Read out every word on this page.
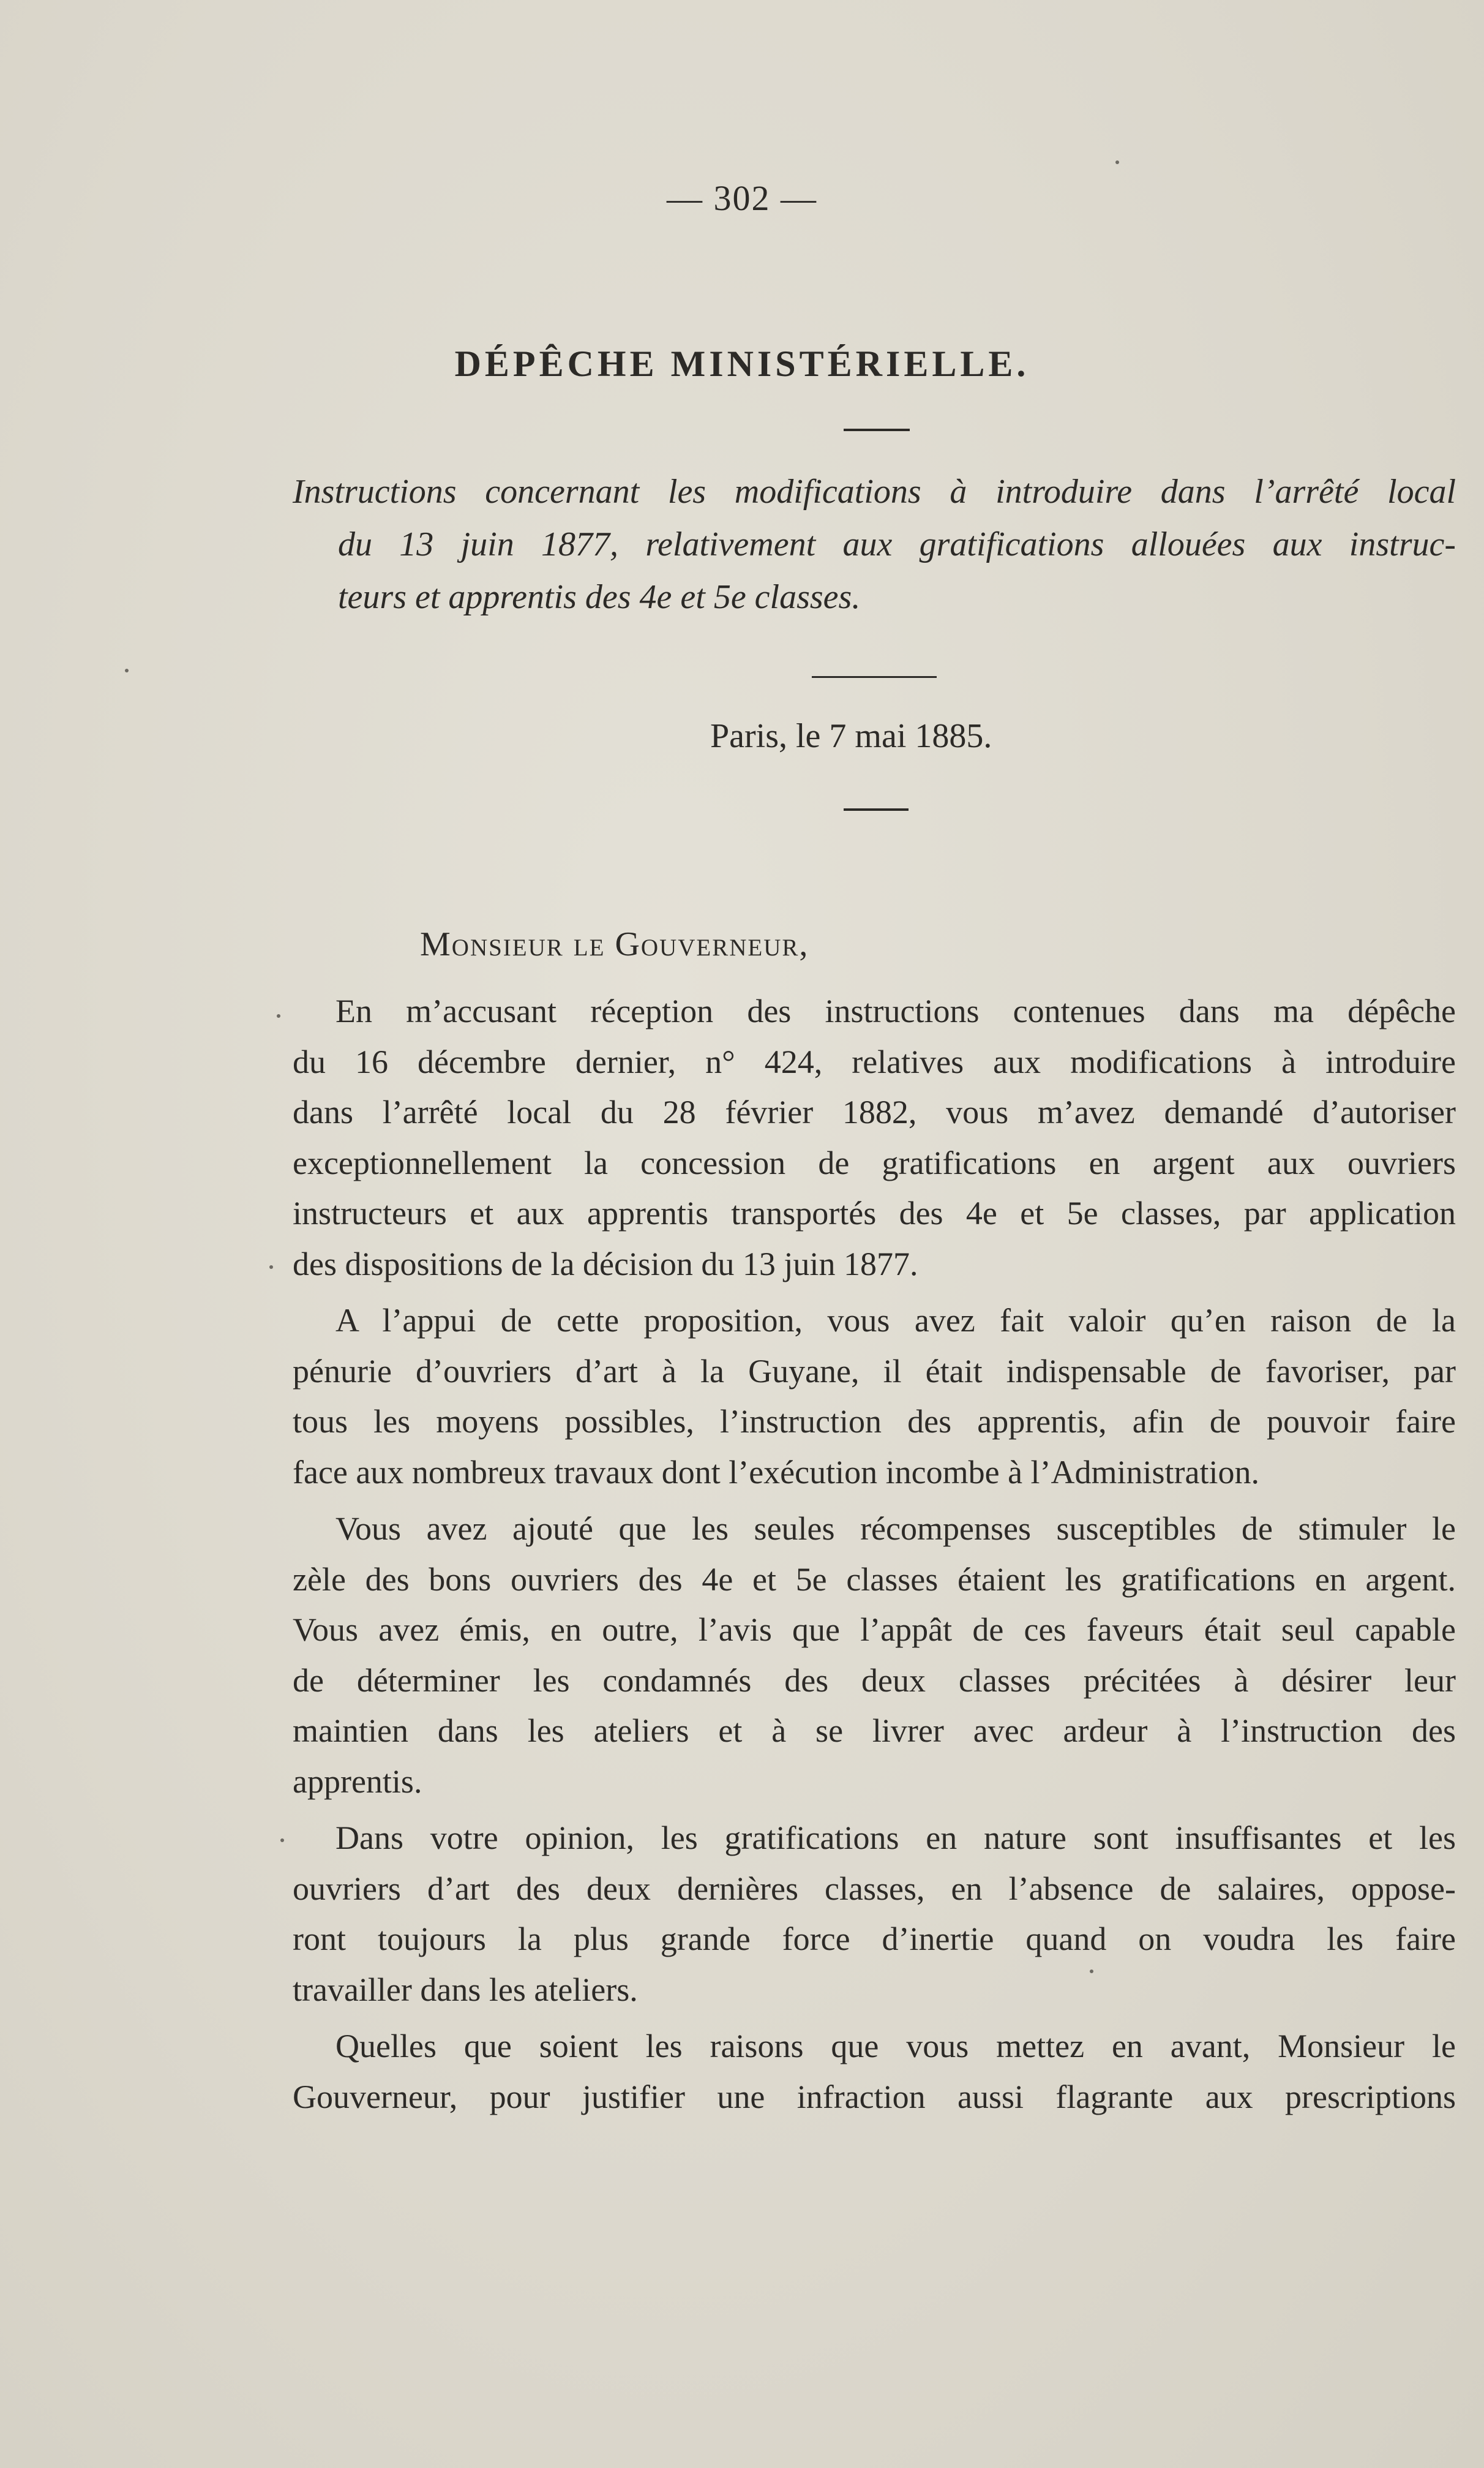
— 302 —
DÉPÊCHE MINISTÉRIELLE.
Instructions concernant les modifications à introduire dans l’arrêté local
du 13 juin 1877, relativement aux gratifications allouées aux instruc-
teurs et apprentis des 4e et 5e classes.
Paris, le 7 mai 1885.
Monsieur le Gouverneur,
En m’accusant réception des instructions contenues dans ma dépêche
du 16 décembre dernier, n° 424, relatives aux modifications à introduire
dans l’arrêté local du 28 février 1882, vous m’avez demandé d’autoriser
exceptionnellement la concession de gratifications en argent aux ouvriers
instructeurs et aux apprentis transportés des 4e et 5e classes, par application
des dispositions de la décision du 13 juin 1877.
A l’appui de cette proposition, vous avez fait valoir qu’en raison de la
pénurie d’ouvriers d’art à la Guyane, il était indispensable de favoriser, par
tous les moyens possibles, l’instruction des apprentis, afin de pouvoir faire
face aux nombreux travaux dont l’exécution incombe à l’Administration.
Vous avez ajouté que les seules récompenses susceptibles de stimuler le
zèle des bons ouvriers des 4e et 5e classes étaient les gratifications en argent.
Vous avez émis, en outre, l’avis que l’appât de ces faveurs était seul capable
de déterminer les condamnés des deux classes précitées à désirer leur
maintien dans les ateliers et à se livrer avec ardeur à l’instruction des
apprentis.
Dans votre opinion, les gratifications en nature sont insuffisantes et les
ouvriers d’art des deux dernières classes, en l’absence de salaires, oppose-
ront toujours la plus grande force d’inertie quand on voudra les faire
travailler dans les ateliers.
Quelles que soient les raisons que vous mettez en avant, Monsieur le
Gouverneur, pour justifier une infraction aussi flagrante aux prescriptions
